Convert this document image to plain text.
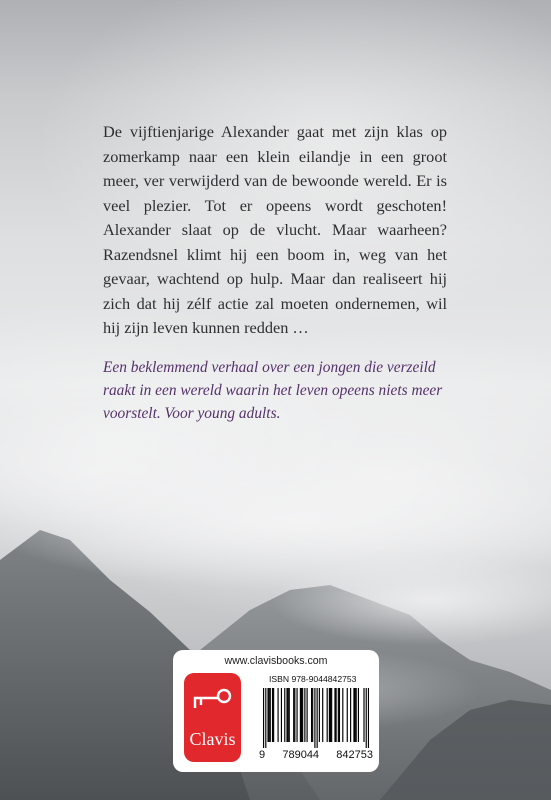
De vijftienjarige Alexander gaat met zijn klas op zomerkamp naar een klein eilandje in een groot meer, ver verwijderd van de bewoonde wereld. Er is veel plezier. Tot er opeens wordt geschoten! Alexander slaat op de vlucht. Maar waarheen? Razendsnel klimt hij een boom in, weg van het gevaar, wachtend op hulp. Maar dan realiseert hij zich dat hij zélf actie zal moeten ondernemen, wil hij zijn leven kunnen redden …

Een beklemmend verhaal over een jongen die verzeild raakt in een wereld waarin het leven opeens niets meer voorstelt. Voor young adults.

www.clavisbooks.com
Clavis
ISBN 978-9044842753
9 789044 842753
